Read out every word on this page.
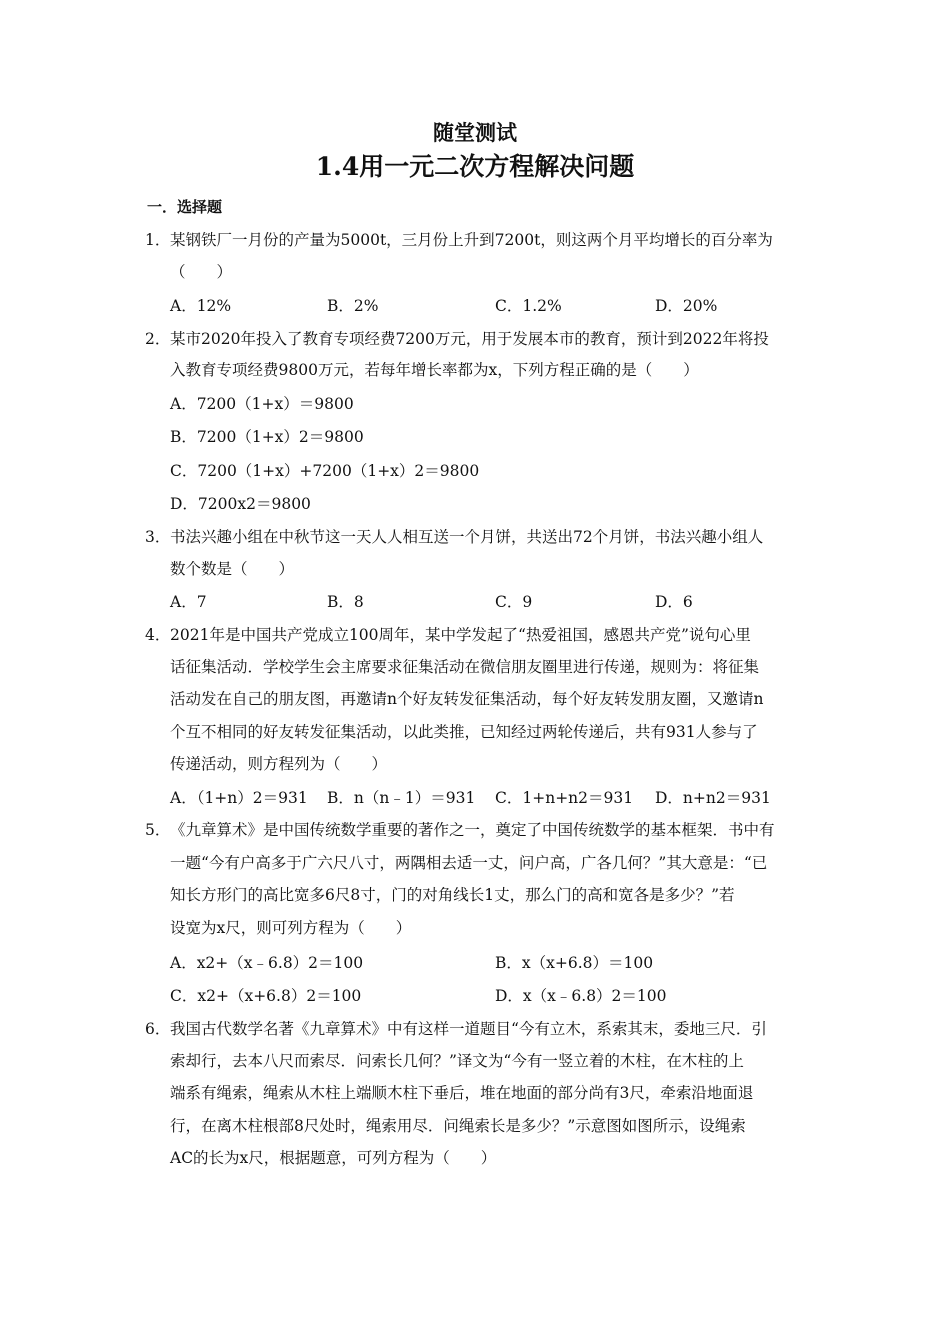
随堂测试
1.4用一元二次方程解决问题
一．选择题
1． 某钢铁厂一月份的产量为5000t，三月份上升到7200t，则这两个月平均增长的百分率为
（　　）
A．12%	B．2%	C．1.2%	D．20%
2． 某市2020年投入了教育专项经费7200万元，用于发展本市的教育，预计到2022年将投
入教育专项经费9800万元，若每年增长率都为x，下列方程正确的是（　　）
A．7200（1+x）＝9800
B．7200（1+x）2＝9800
C．7200（1+x）+7200（1+x）2＝9800
D．7200x2＝9800
3． 书法兴趣小组在中秋节这一天人人相互送一个月饼，共送出72个月饼，书法兴趣小组人
数个数是（　　）
A．7	B．8	C．9	D．6
4． 2021年是中国共产党成立100周年，某中学发起了“热爱祖国，感恩共产党”说句心里
话征集活动．学校学生会主席要求征集活动在微信朋友圈里进行传递，规则为：将征集
活动发在自己的朋友图，再邀请n个好友转发征集活动，每个好友转发朋友圈，又邀请n
个互不相同的好友转发征集活动，以此类推，已知经过两轮传递后，共有931人参与了
传递活动，则方程列为（　　）
A．（1+n）2＝931 B．n（n﹣1）＝931 C．1+n+n2＝931 D．n+n2＝931
5． 《九章算术》是中国传统数学重要的著作之一，奠定了中国传统数学的基本框架．书中有
一题“今有户高多于广六尺八寸，两隅相去适一丈，问户高，广各几何？”其大意是：“已
知长方形门的高比宽多6尺8寸，门的对角线长1丈，那么门的高和宽各是多少？”若
设宽为x尺，则可列方程为（　　）
A．x2+（x﹣6.8）2＝100	B．x（x+6.8）＝100
C．x2+（x+6.8）2＝100	D．x（x﹣6.8）2＝100
6． 我国古代数学名著《九章算术》中有这样一道题目“今有立木，系索其末，委地三尺．引
索却行，去本八尺而索尽．问索长几何？”译文为“今有一竖立着的木柱，在木柱的上
端系有绳索，绳索从木柱上端顺木柱下垂后，堆在地面的部分尚有3尺，牵索沿地面退
行，在离木柱根部8尺处时，绳索用尽．问绳索长是多少？”示意图如图所示，设绳索
AC的长为x尺，根据题意，可列方程为（　　）
